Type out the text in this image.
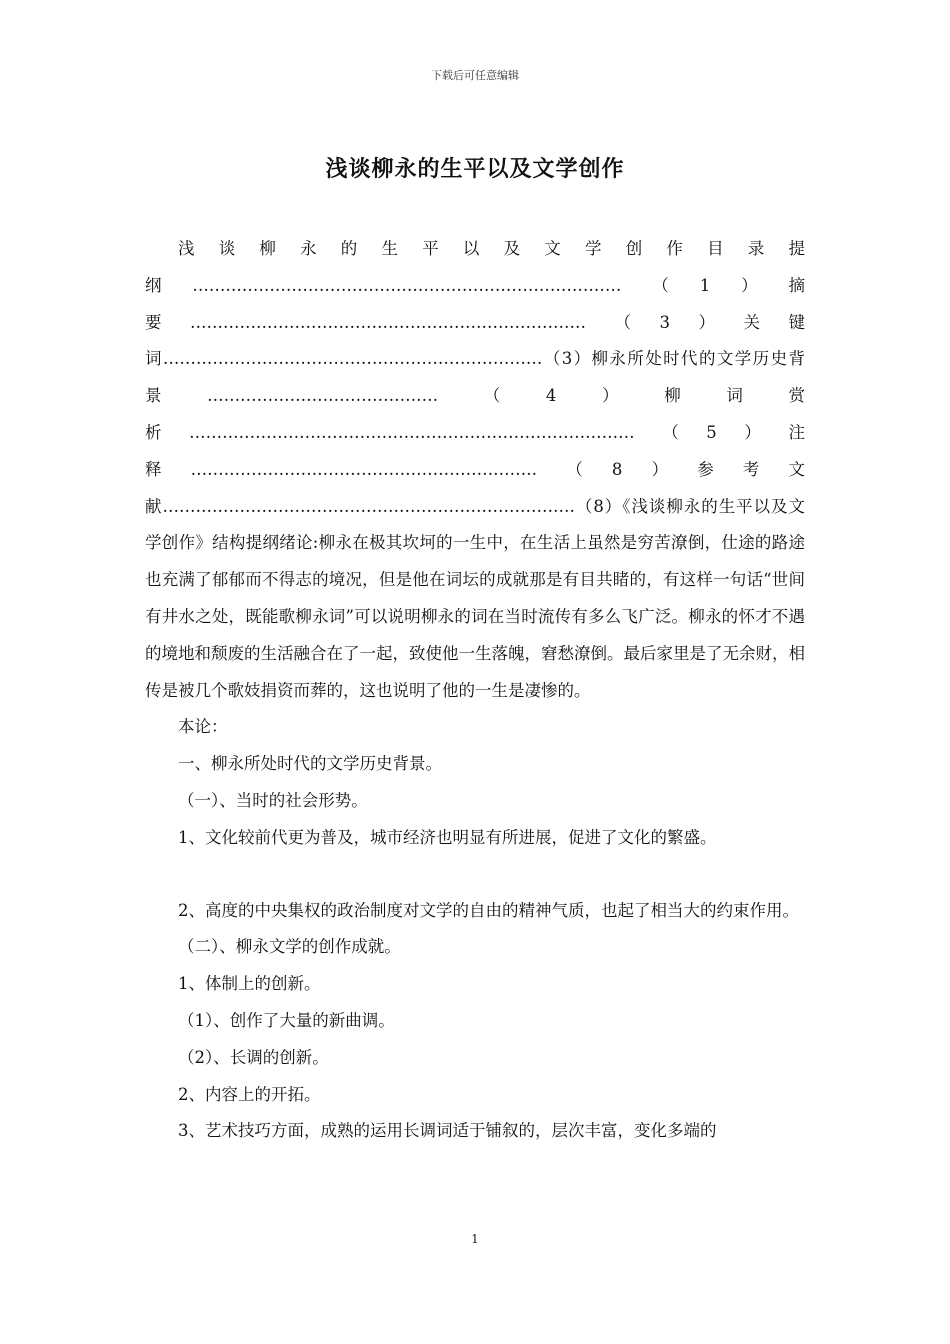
下载后可任意编辑
浅谈柳永的生平以及文学创作

浅谈柳永的生平以及文学创作目录提纲……………………………………………………………………（1）摘要………………………………………………………………（3）关键词……………………………………………………………（3）柳永所处时代的文学历史背景……………………………………（4）柳词赏析………………………………………………………………………（5）注释………………………………………………………（8）参考文献…………………………………………………………………（8）《浅谈柳永的生平以及文学创作》结构提纲绪论:柳永在极其坎坷的一生中，在生活上虽然是穷苦潦倒，仕途的路途也充满了郁郁而不得志的境况，但是他在词坛的成就那是有目共睹的，有这样一句话“世间有井水之处，既能歌柳永词”可以说明柳永的词在当时流传有多么飞广泛。柳永的怀才不遇的境地和颓废的生活融合在了一起，致使他一生落魄，窘愁潦倒。最后家里是了无余财，相传是被几个歌妓捐资而葬的，这也说明了他的一生是凄惨的。

本论：

一、柳永所处时代的文学历史背景。

（一）、当时的社会形势。

1、文化较前代更为普及，城市经济也明显有所进展，促进了文化的繁盛。

2、高度的中央集权的政治制度对文学的自由的精神气质，也起了相当大的约束作用。

（二）、柳永文学的创作成就。

1、体制上的创新。

（1）、创作了大量的新曲调。

（2）、长调的创新。

2、内容上的开拓。

3、艺术技巧方面，成熟的运用长调词适于铺叙的，层次丰富，变化多端的

1
